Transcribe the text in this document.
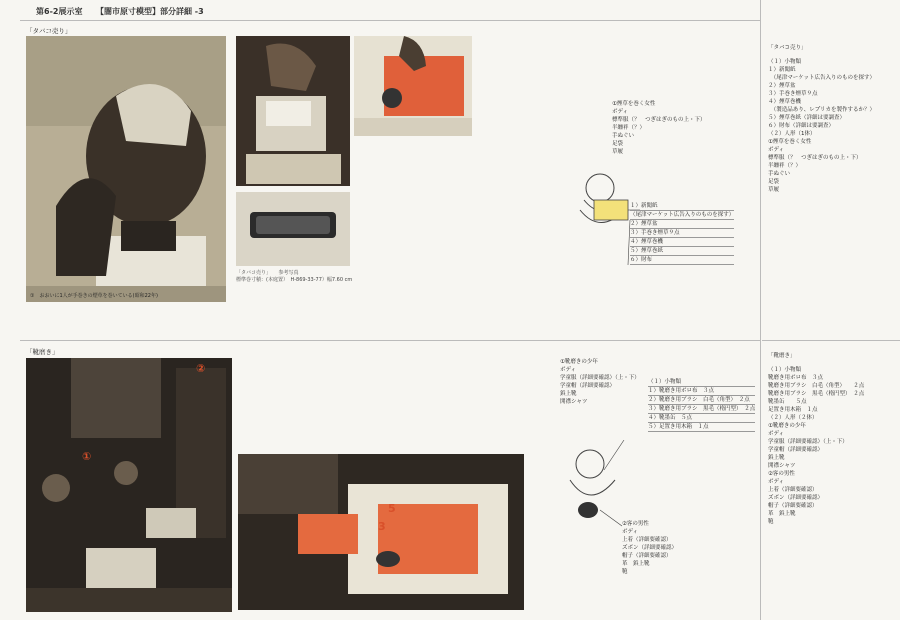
第6-2展示室 【闇市原寸模型】部分詳細 -3
「タバコ売り」
①　おおいに1人が手巻きの煙草を巻いている(昭和22年)
「タバコ売り」　　参考写真
標準巻寸積：(本庭置）　H-869-33-77）幅7.60 cm
①煙草を巻く女性
ボディ
標準服（？　つぎはぎのもの上・下）
半纏袢（？）
手ぬぐい
足袋
草履
１）新聞紙
（尾津マーケット広告入りのものを探す）
２）煙草盆
３）手巻き煙草９点
４）煙草巻機
５）煙草巻紙
６）財布
「タバコ売り」
（１）小物類
１）新聞紙
　（尾津マーケット広告入りのものを探す）
２）煙草盆
３）手巻き煙草９点
４）煙草巻機
　（製造品あり、レプリカを製作するか？）
５）煙草巻紙（詳細は要調査）
６）財布（詳細は要調査）
（２）人形（1体）
①煙草を巻く女性
ボディ
標準服（？　つぎはぎのもの上・下）
半纏袢（？）
手ぬぐい
足袋
草履
「靴磨き」
②
①
5
3
①靴磨きの少年
ボディ
学童服（詳細要確認）（上・下）
学童帽（詳細要確認）
鋲上靴
開襟シャツ
（１）小物類
１）靴磨き用ボロ布　３点
２）靴磨き用ブラシ　白毛（角型）　２点
３）靴磨き用ブラシ　黒毛（楕円型）　２点
４）靴墨缶　５点
５）足置き用木箱　１点
②客の男性
ボディ
上着（詳細要確認）
ズボン（詳細要確認）
帽子（詳細要確認）
革　鋲上靴
鞄
「靴磨き」
（１）小物類
靴磨き用ボロ布　３点
靴磨き用ブラシ　白毛（角型）　　２点
靴磨き用ブラシ　黒毛（楕円型）　２点
靴墨缶　　５点
足置き用木箱　１点
（２）人形（２体）
①靴磨きの少年
ボディ
学童服（詳細要確認）（上・下）
学童帽（詳細要確認）
鋲上靴
開襟シャツ
②客の男性
ボディ
上着（詳細要確認）
ズボン（詳細要確認）
帽子（詳細要確認）
革　鋲上靴
鞄
